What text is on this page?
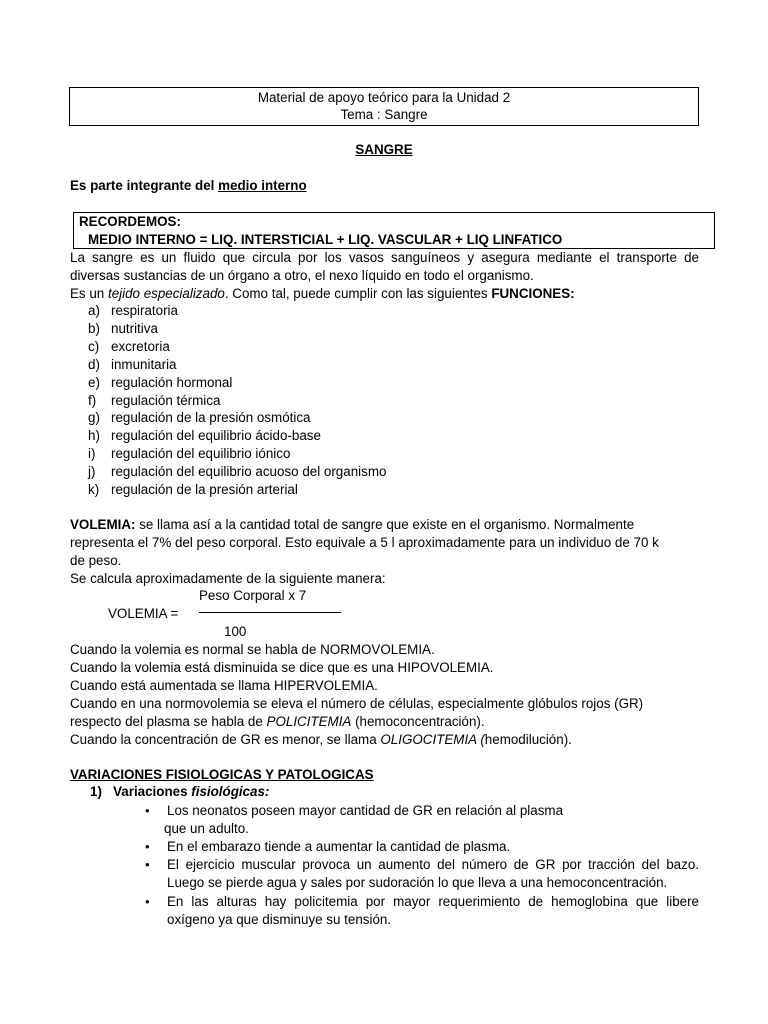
Material de apoyo teórico para la Unidad 2
Tema : Sangre
SANGRE
Es parte integrante del medio interno
RECORDEMOS:
MEDIO INTERNO = LIQ. INTERSTICIAL + LIQ. VASCULAR + LIQ LINFATICO
La sangre es un fluido que circula por los vasos sanguíneos y asegura mediante el transporte de
diversas sustancias de un órgano a otro, el nexo líquido en todo el organismo.
Es un tejido especializado. Como tal, puede cumplir con las siguientes FUNCIONES:
a) respiratoria
b) nutritiva
c) excretoria
d) inmunitaria
e) regulación hormonal
f) regulación térmica
g) regulación de la presión osmótica
h) regulación del equilibrio ácido-base
i) regulación del equilibrio iónico
j) regulación del equilibrio acuoso del organismo
k) regulación de la presión arterial
VOLEMIA: se llama así a la cantidad total de sangre que existe en el organismo. Normalmente
representa el 7% del peso corporal. Esto equivale a 5 l aproximadamente para un individuo de 70 k
de peso.
Se calcula aproximadamente de la siguiente manera:
Peso Corporal x 7
VOLEMIA =
100
Cuando la volemia es normal se habla de NORMOVOLEMIA.
Cuando la volemia está disminuida se dice que es una HIPOVOLEMIA.
Cuando está aumentada se llama HIPERVOLEMIA.
Cuando en una normovolemia se eleva el número de células, especialmente glóbulos rojos (GR)
respecto del plasma se habla de POLICITEMIA (hemoconcentración).
Cuando la concentración de GR es menor, se llama OLIGOCITEMIA (hemodilución).
VARIACIONES FISIOLOGICAS Y PATOLOGICAS
1) Variaciones fisiológicas:
• Los neonatos poseen mayor cantidad de GR en relación al plasma
que un adulto.
• En el embarazo tiende a aumentar la cantidad de plasma.
• El ejercicio muscular provoca un aumento del número de GR por tracción del bazo.
Luego se pierde agua y sales por sudoración lo que lleva a una hemoconcentración.
• En las alturas hay policitemia por mayor requerimiento de hemoglobina que libere
oxígeno ya que disminuye su tensión.
